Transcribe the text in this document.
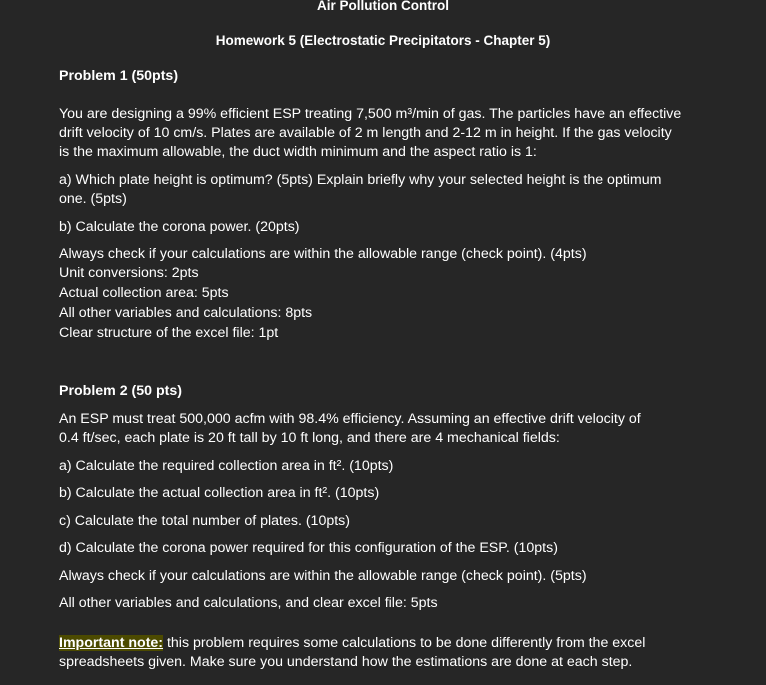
Air Pollution Control
Homework 5 (Electrostatic Precipitators - Chapter 5)
Problem 1 (50pts)
You are designing a 99% efficient ESP treating 7,500 m³/min of gas. The particles have an effective
drift velocity of 10 cm/s. Plates are available of 2 m length and 2-12 m in height. If the gas velocity
is the maximum allowable, the duct width minimum and the aspect ratio is 1:
a) Which plate height is optimum? (5pts) Explain briefly why your selected height is the optimum
one. (5pts)
b) Calculate the corona power. (20pts)
Always check if your calculations are within the allowable range (check point). (4pts)
Unit conversions: 2pts
Actual collection area: 5pts
All other variables and calculations: 8pts
Clear structure of the excel file: 1pt
Problem 2 (50 pts)
An ESP must treat 500,000 acfm with 98.4% efficiency. Assuming an effective drift velocity of
0.4 ft/sec, each plate is 20 ft tall by 10 ft long, and there are 4 mechanical fields:
a) Calculate the required collection area in ft². (10pts)
b) Calculate the actual collection area in ft². (10pts)
c) Calculate the total number of plates. (10pts)
d) Calculate the corona power required for this configuration of the ESP. (10pts)
Always check if your calculations are within the allowable range (check point). (5pts)
All other variables and calculations, and clear excel file: 5pts
Important note: this problem requires some calculations to be done differently from the excel
spreadsheets given. Make sure you understand how the estimations are done at each step.
